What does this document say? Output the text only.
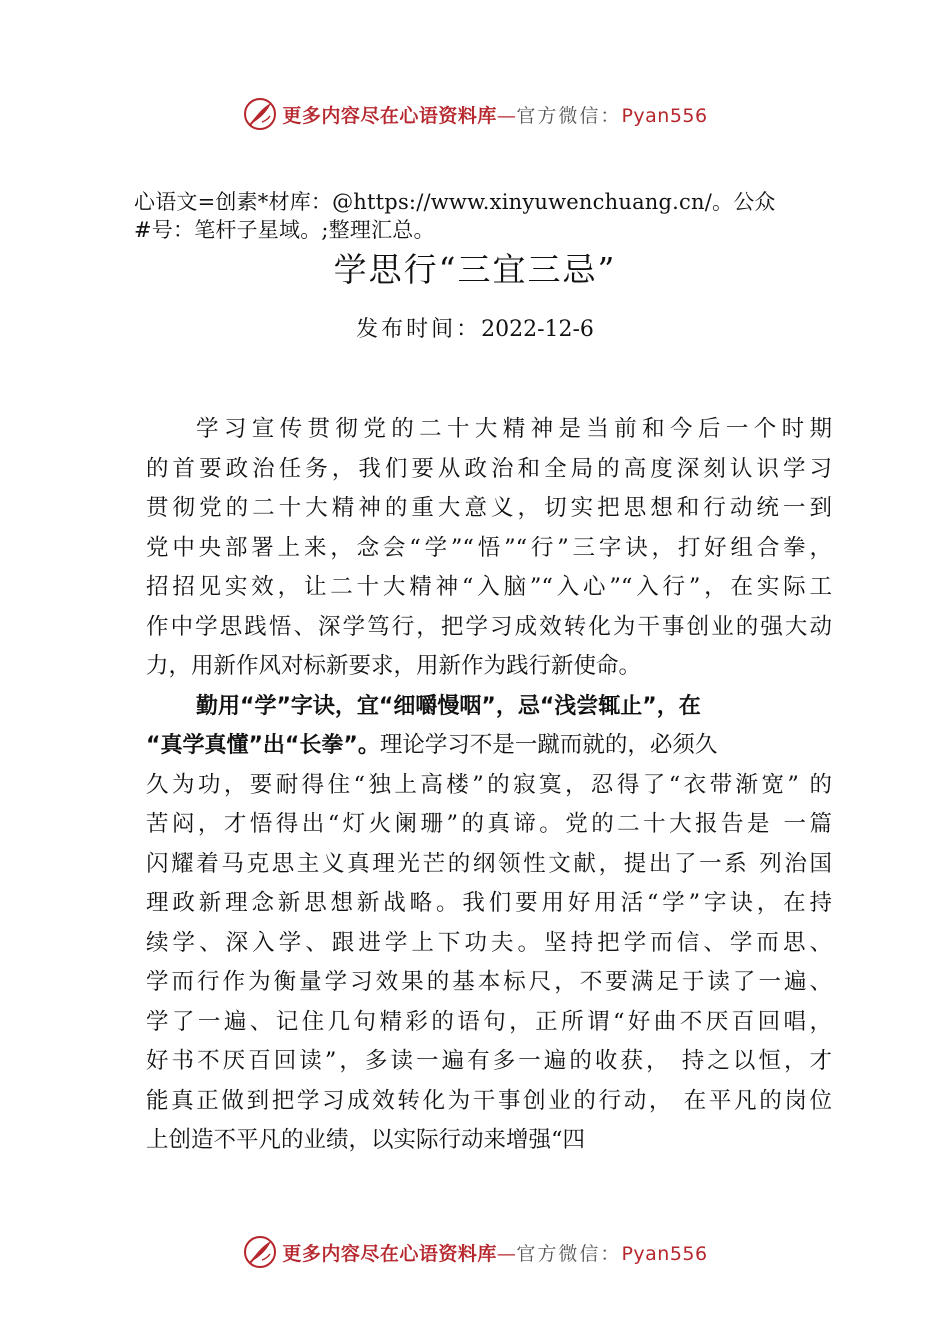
更多内容尽在心语资料库—官方微信：Pyan556
心语文=创素*材库：@https://www.xinyuwenchuang.cn/。公众
#号：笔杆子星域。;整理汇总。
学思行“三宜三忌”
发布时间：2022-12-6
学习宣传贯彻党的二十大精神是当前和今后一个时期
的首要政治任务，我们要从政治和全局的高度深刻认识学习
贯彻党的二十大精神的重大意义，切实把思想和行动统一到
党中央部署上来，念会“学”“悟”“行”三字诀，打好组合拳，
招招见实效，让二十大精神“入脑”“入心”“入行”，在实际工
作中学思践悟、深学笃行，把学习成效转化为干事创业的强大动
力，用新作风对标新要求，用新作为践行新使命。
勤用“学”字诀，宜“细嚼慢咽”，忌“浅尝辄止”，在
“真学真懂”出“长拳”。理论学习不是一蹴而就的，必须久
久为功，要耐得住“独上高楼”的寂寞，忍得了“衣带渐宽” 的
苦闷，才悟得出“灯火阑珊”的真谛。党的二十大报告是 一篇
闪耀着马克思主义真理光芒的纲领性文献，提出了一系 列治国
理政新理念新思想新战略。我们要用好用活“学”字诀，在持
续学、深入学、跟进学上下功夫。坚持把学而信、学而思、
学而行作为衡量学习效果的基本标尺，不要满足于读了一遍、
学了一遍、记住几句精彩的语句，正所谓“好曲不厌百回唱，
好书不厌百回读”，多读一遍有多一遍的收获， 持之以恒，才
能真正做到把学习成效转化为干事创业的行动， 在平凡的岗位
上创造不平凡的业绩，以实际行动来增强“四
更多内容尽在心语资料库—官方微信：Pyan556
